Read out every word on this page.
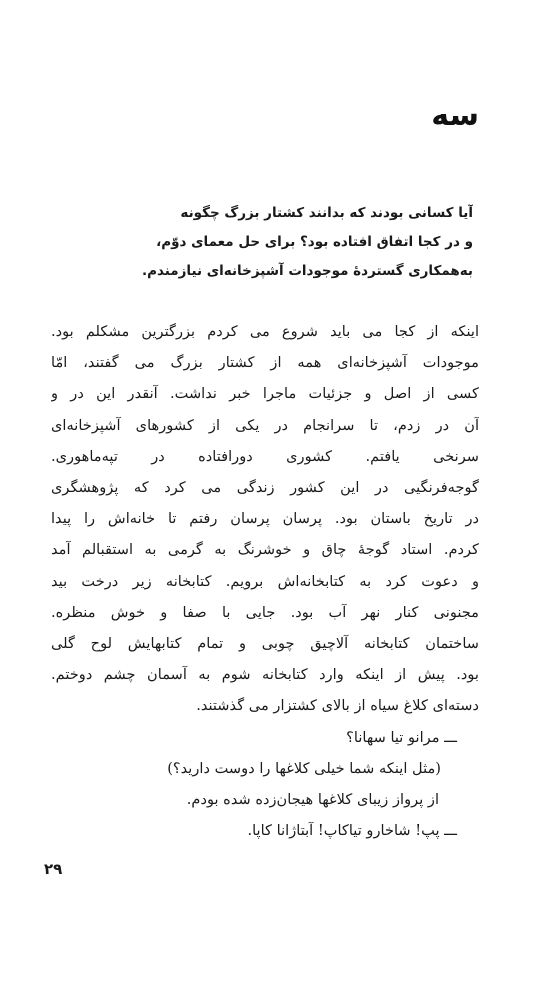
سه
آیا کسانی بودند که بدانند کشتار بزرگ چگونه
و در کجا اتفاق افتاده بود؟ برای حل معمای دوّم،
به‌همکاری گستردهٔ موجودات آشپزخانه‌ای نیازمندم.
اینکه از کجا می باید شروع می کردم بزرگترین مشکلم بود.
موجودات آشپزخانه‌ای همه از کشتار بزرگ می گفتند، امّا
کسی از اصل و جزئیات ماجرا خبر نداشت. آنقدر این در و
آن در زدم، تا سرانجام در یکی از کشورهای آشپزخانه‌ای
سرنخی یافتم. کشوری دورافتاده در تپه‌ماهوری.
گوجه‌فرنگیی در این کشور زندگی می کرد که پژوهشگری
در تاریخ باستان بود. پرسان پرسان رفتم تا خانه‌اش را پیدا
کردم. استاد گوجهٔ چاق و خوشرنگ به گرمی به استقبالم آمد
و دعوت کرد به کتابخانه‌اش برویم. کتابخانه زیر درخت بید
مجنونی کنار نهر آب بود. جایی با صفا و خوش منظره.
ساختمان کتابخانه آلاچیق چوبی و تمام کتابهایش لوح گلی
بود. پیش از اینکه وارد کتابخانه شوم به آسمان چشم دوختم.
دسته‌ای کلاغ سیاه از بالای کشتزار می گذشتند.
ـــ مرانو تیا سهانا؟
(مثل اینکه شما خیلی کلاغها را دوست دارید؟)
از پرواز زیبای کلاغها هیجان‌زده شده بودم.
ـــ پپ! شاخارو تیاکاپ! آبتاژانا کاپا.
۲۹
